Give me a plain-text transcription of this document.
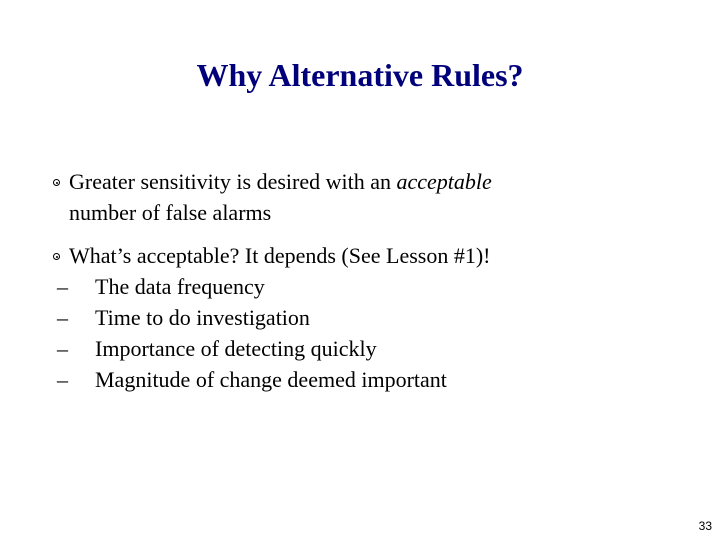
Why Alternative Rules?
Greater sensitivity is desired with an acceptable
number of false alarms
What’s acceptable? It depends (See Lesson #1)!
– The data frequency
– Time to do investigation
– Importance of detecting quickly
– Magnitude of change deemed important
33
